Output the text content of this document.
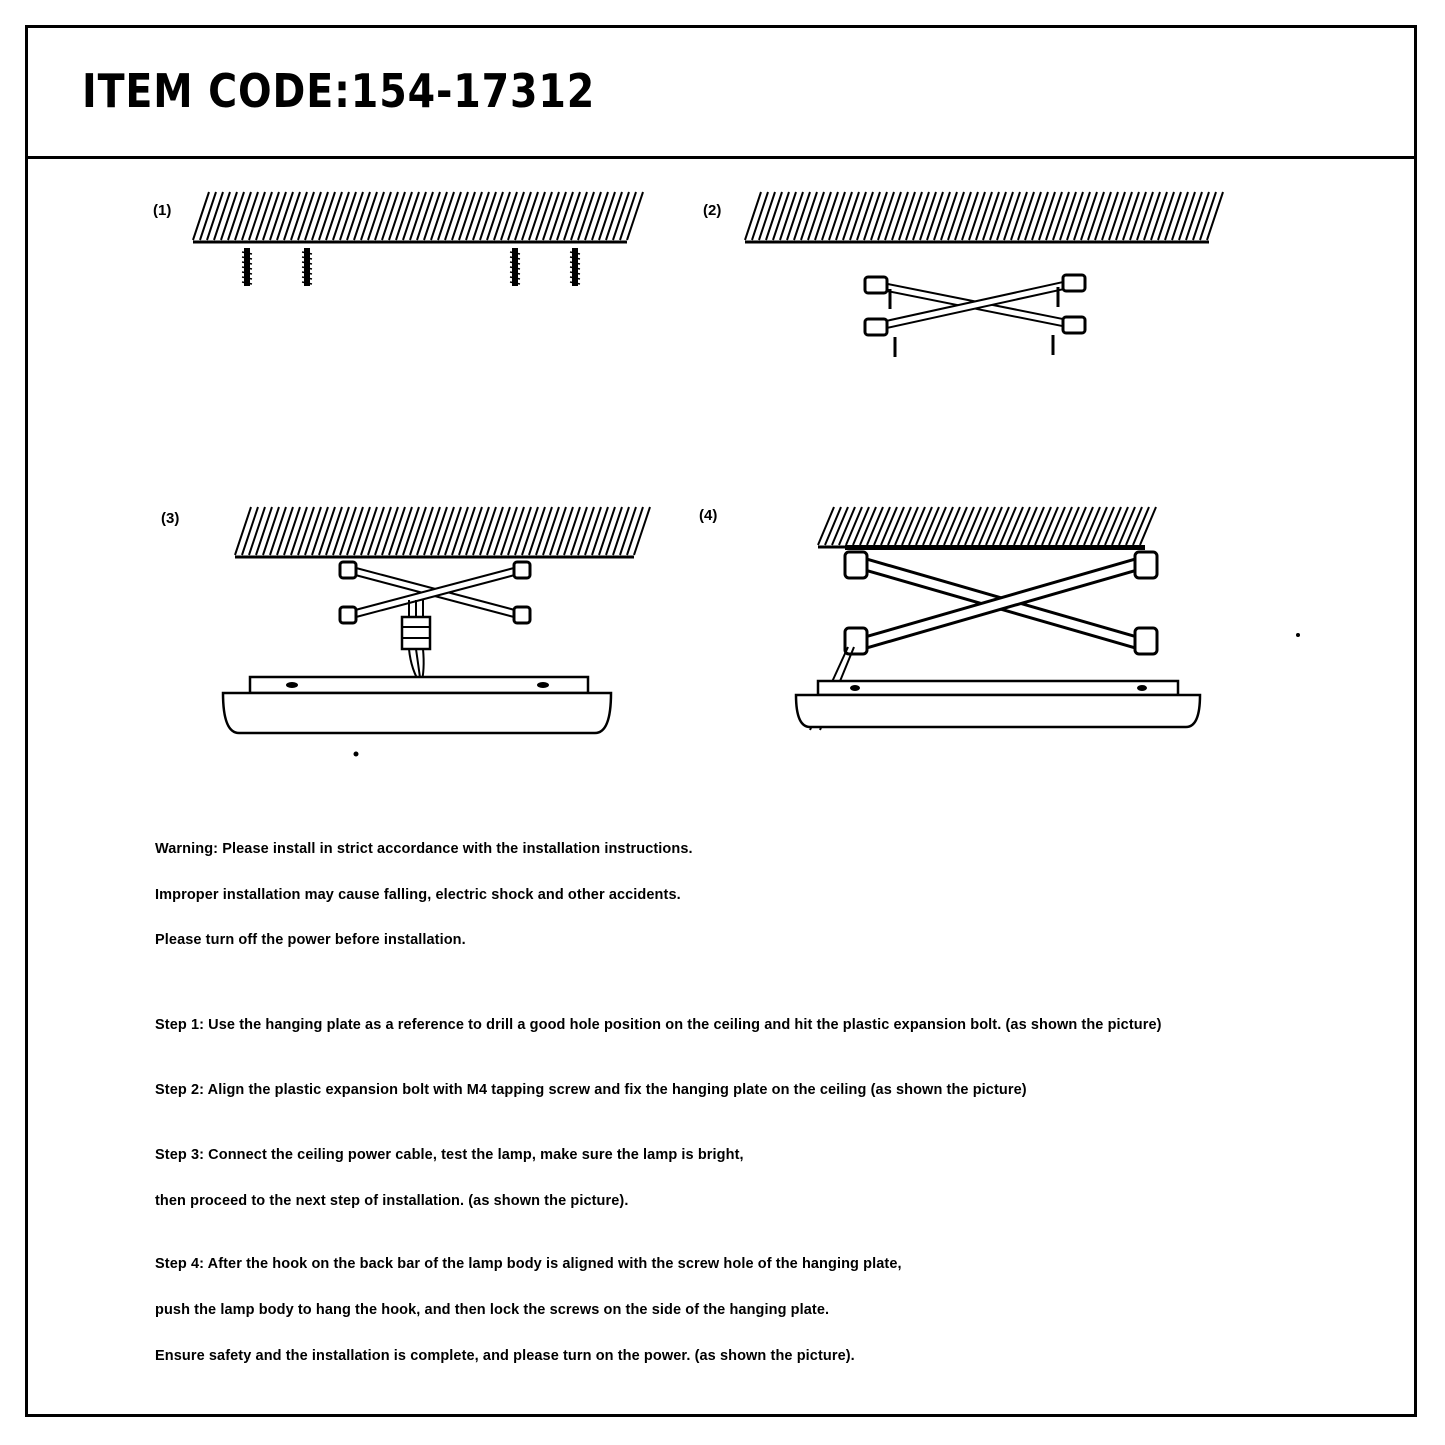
ITEM CODE:154-17312
(1)	(2)
(3)	(4)
Warning: Please install in strict accordance with the installation instructions.
Improper installation may cause falling, electric shock and other accidents.
Please turn off the power before installation.
Step 1: Use the hanging plate as a reference to drill a good hole position on the ceiling and hit the plastic expansion bolt. (as shown the picture)
Step 2: Align the plastic expansion bolt with M4 tapping screw and fix the hanging plate on the ceiling (as shown the picture)
Step 3: Connect the ceiling power cable, test the lamp, make sure the lamp is bright,
then proceed to the next step of installation. (as shown the picture).
Step 4: After the hook on the back bar of the lamp body is aligned with the screw hole of the hanging plate,
push the lamp body to hang the hook, and then lock the screws on the side of the hanging plate.
Ensure safety and the installation is complete, and please turn on the power. (as shown the picture).
